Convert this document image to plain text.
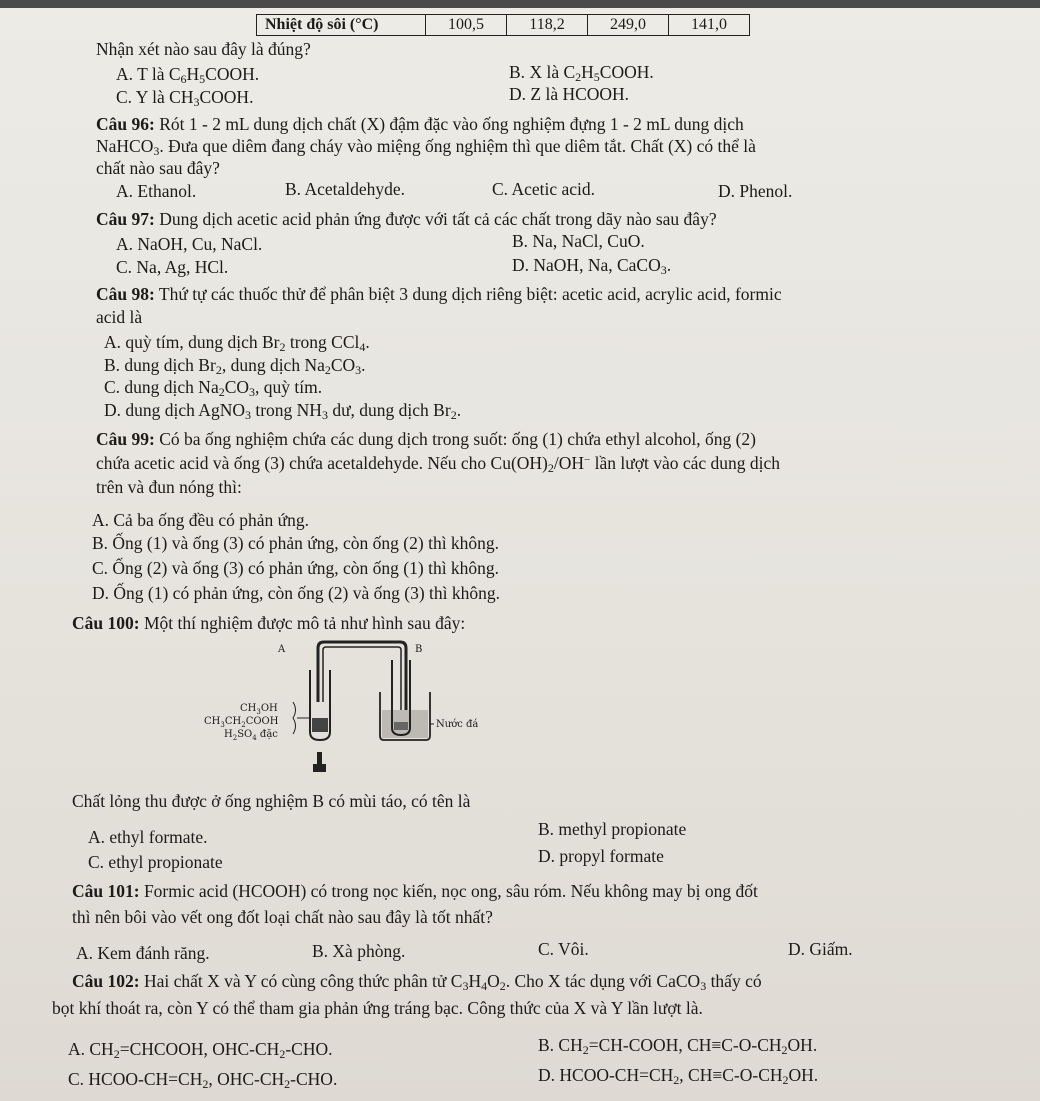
Nhiệt độ sôi (°C)	100,5	118,2	249,0	141,0
Nhận xét nào sau đây là đúng?
A. T là $C_6H_5COOH$.	B. X là $C_2H_5COOH$.
C. Y là $CH_3COOH$.	D. Z là HCOOH.
Câu 96: Rót 1 - 2 mL dung dịch chất (X) đậm đặc vào ống nghiệm đựng 1 - 2 mL dung dịch
NaHCO$_3$. Đưa que diêm đang cháy vào miệng ống nghiệm thì que diêm tắt. Chất (X) có thể là
chất nào sau đây?
A. Ethanol.	B. Acetaldehyde.	C. Acetic acid.	D. Phenol.
Câu 97: Dung dịch acetic acid phản ứng được với tất cả các chất trong dãy nào sau đây?
A. NaOH, Cu, NaCl.	B. Na, NaCl, CuO.
C. Na, Ag, HCl.	D. NaOH, Na, CaCO$_3$.
Câu 98: Thứ tự các thuốc thử để phân biệt 3 dung dịch riêng biệt: acetic acid, acrylic acid, formic
acid là
A. quỳ tím, dung dịch $Br_2$ trong CCl$_4$.
B. dung dịch $Br_2$, dung dịch $Na_2CO_3$.
C. dung dịch $Na_2CO_3$, quỳ tím.
D. dung dịch AgNO$_3$ trong $NH_3$ dư, dung dịch $Br_2$.
Câu 99: Có ba ống nghiệm chứa các dung dịch trong suốt: ống (1) chứa ethyl alcohol, ống (2)
chứa acetic acid và ống (3) chứa acetaldehyde. Nếu cho $Cu(OH)_2/OH^-$ lần lượt vào các dung dịch
trên và đun nóng thì:
A. Cả ba ống đều có phản ứng.
B. Ống (1) và ống (3) có phản ứng, còn ống (2) thì không.
C. Ống (2) và ống (3) có phản ứng, còn ống (1) thì không.
D. Ống (1) có phản ứng, còn ống (2) và ống (3) thì không.
Câu 100: Một thí nghiệm được mô tả như hình sau đây:
A	B
$CH_3OH$
$CH_3CH_2COOH$
$H_2SO_4$ đặc
Nước đá
Chất lỏng thu được ở ống nghiệm B có mùi táo, có tên là
A. ethyl formate.	B. methyl propionate
C. ethyl propionate	D. propyl formate
Câu 101: Formic acid (HCOOH) có trong nọc kiến, nọc ong, sâu róm. Nếu không may bị ong đốt
thì nên bôi vào vết ong đốt loại chất nào sau đây là tốt nhất?
A. Kem đánh răng.	B. Xà phòng.	C. Vôi.	D. Giấm.
Câu 102: Hai chất X và Y có cùng công thức phân tử $C_3H_4O_2$. Cho X tác dụng với CaCO$_3$ thấy có
bọt khí thoát ra, còn Y có thể tham gia phản ứng tráng bạc. Công thức của X và Y lần lượt là.
A. $CH_2=CHCOOH$, OHC-$CH_2$-CHO.	B. $CH_2=CH$-COOH, $CH\equiv C-O-CH_2OH$.
C. HCOO-$CH=CH_2$, OHC-$CH_2$-CHO.	D. HCOO-$CH=CH_2$, $CH\equiv C-O-CH_2OH$.
